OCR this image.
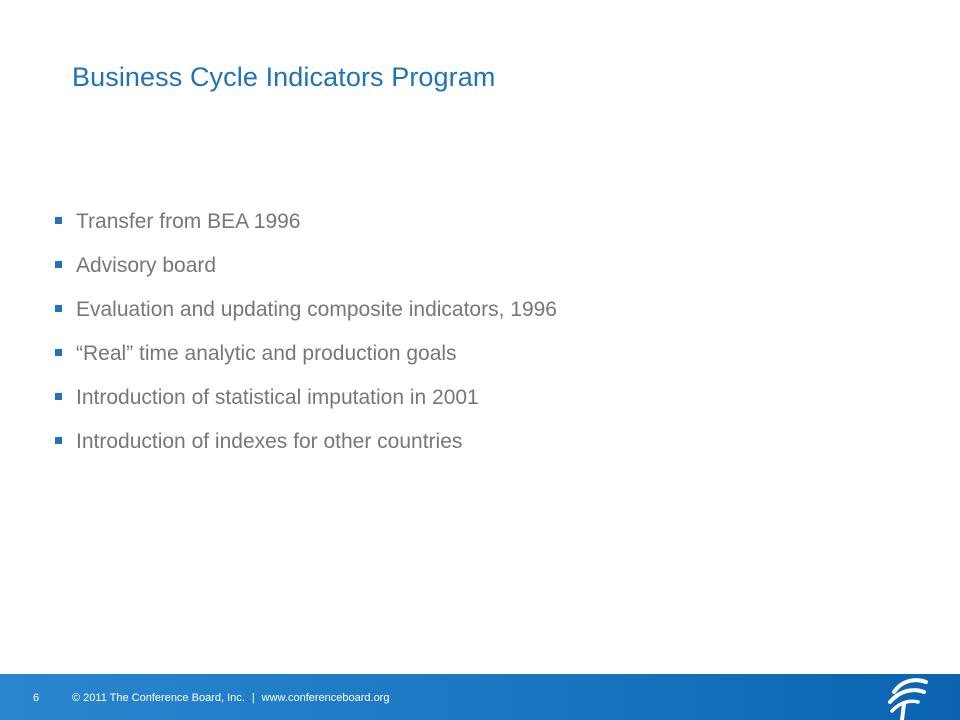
Business Cycle Indicators Program
Transfer from BEA 1996
Advisory board
Evaluation and updating composite indicators, 1996
“Real” time analytic and production goals
Introduction of statistical imputation in 2001
Introduction of indexes for other countries
6	© 2011 The Conference Board, Inc. | www.conferenceboard.org
